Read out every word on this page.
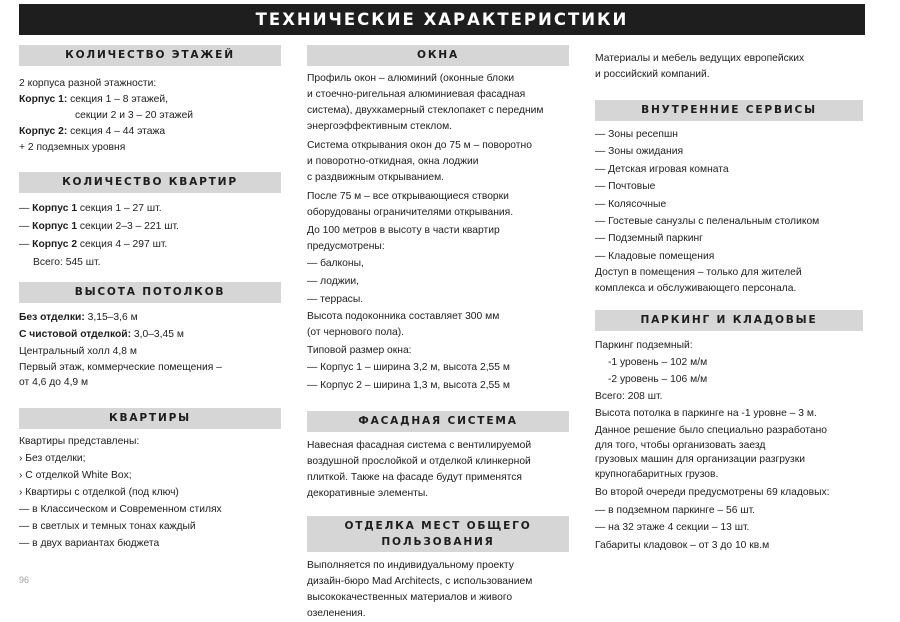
ТЕХНИЧЕСКИЕ ХАРАКТЕРИСТИКИ
КОЛИЧЕСТВО ЭТАЖЕЙ
2 корпуса разной этажности:
Корпус 1: секция 1 – 8 этажей,
секции 2 и 3 – 20 этажей
Корпус 2: секция 4 – 44 этажа
+ 2 подземных уровня
КОЛИЧЕСТВО КВАРТИР
— Корпус 1 секция 1 – 27 шт.
— Корпус 1 секции 2–3 – 221 шт.
— Корпус 2 секция 4 – 297 шт.
Всего: 545 шт.
ВЫСОТА ПОТОЛКОВ
Без отделки: 3,15–3,6 м
С чистовой отделкой: 3,0–3,45 м
Центральный холл 4,8 м
Первый этаж, коммерческие помещения –
от 4,6 до 4,9 м
КВАРТИРЫ
Квартиры представлены:
› Без отделки;
› С отделкой White Box;
› Квартиры с отделкой (под ключ)
— в Классическом и Современном стилях
— в светлых и темных тонах каждый
— в двух вариантах бюджета
ОКНА
Профиль окон – алюминий (оконные блоки
и стоечно-ригельная алюминиевая фасадная
система), двухкамерный стеклопакет с передним
энергоэффективным стеклом.
Система открывания окон до 75 м – поворотно
и поворотно-откидная, окна лоджии
с раздвижным открыванием.
После 75 м – все открывающиеся створки
оборудованы ограничителями открывания.
До 100 метров в высоту в части квартир
предусмотрены:
— балконы,
— лоджии,
— террасы.
Высота подоконника составляет 300 мм
(от чернового пола).
Типовой размер окна:
— Корпус 1 – ширина 3,2 м, высота 2,55 м
— Корпус 2 – ширина 1,3 м, высота 2,55 м
ФАСАДНАЯ СИСТЕМА
Навесная фасадная система с вентилируемой
воздушной прослойкой и отделкой клинкерной
плиткой. Также на фасаде будут применятся
декоративные элементы.
ОТДЕЛКА МЕСТ ОБЩЕГО
ПОЛЬЗОВАНИЯ
Выполняется по индивидуальному проекту
дизайн-бюро Mad Architects, с использованием
высококачественных материалов и живого
озеленения.
Материалы и мебель ведущих европейских
и российский компаний.
ВНУТРЕННИЕ СЕРВИСЫ
— Зоны ресепшн
— Зоны ожидания
— Детская игровая комната
— Почтовые
— Колясочные
— Гостевые санузлы с пеленальным столиком
— Подземный паркинг
— Кладовые помещения
Доступ в помещения – только для жителей
комплекса и обслуживающего персонала.
ПАРКИНГ И КЛАДОВЫЕ
Паркинг подземный:
-1 уровень – 102 м/м
-2 уровень – 106 м/м
Всего: 208 шт.
Высота потолка в паркинге на -1 уровне – 3 м.
Данное решение было специально разработано
для того, чтобы организовать заезд
грузовых машин для организации разгрузки
крупногабаритных грузов.
Во второй очереди предусмотрены 69 кладовых:
— в подземном паркинге – 56 шт.
— на 32 этаже 4 секции – 13 шт.
Габариты кладовок – от 3 до 10 кв.м
96
